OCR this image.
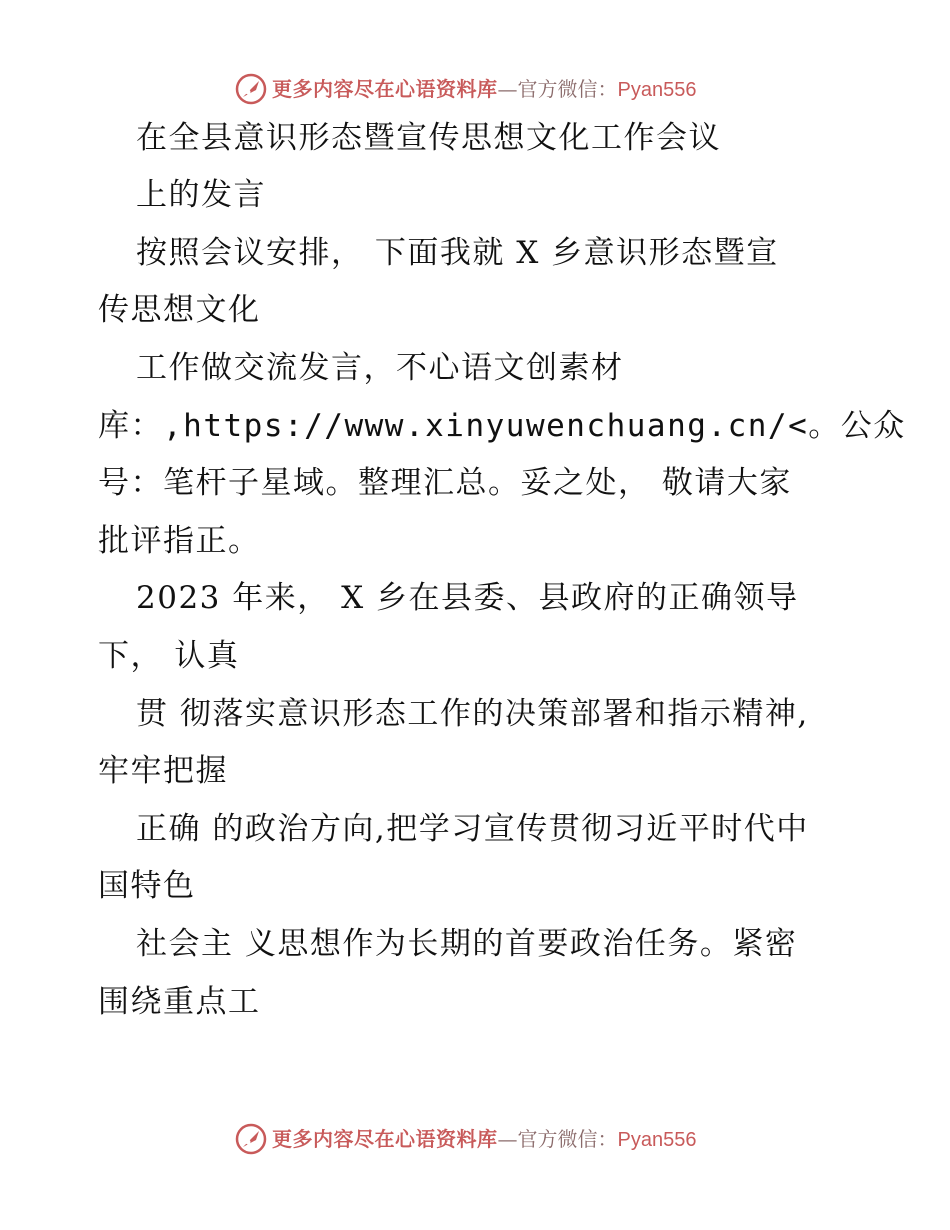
更多内容尽在心语资料库—官方微信：Pyan556
在全县意识形态暨宣传思想文化工作会议
上的发言
按照会议安排， 下面我就 X 乡意识形态暨宣
传思想文化
工作做交流发言，不心语文创素材
库：,https://www.xinyuwenchuang.cn/<。公众
号：笔杆子星域。整理汇总。妥之处， 敬请大家
批评指正。
2023 年来， X 乡在县委、县政府的正确领导
下， 认真
贯 彻落实意识形态工作的决策部署和指示精神,
牢牢把握
正确 的政治方向,把学习宣传贯彻习近平时代中
国特色
社会主 义思想作为长期的首要政治任务。紧密
围绕重点工
更多内容尽在心语资料库—官方微信：Pyan556
